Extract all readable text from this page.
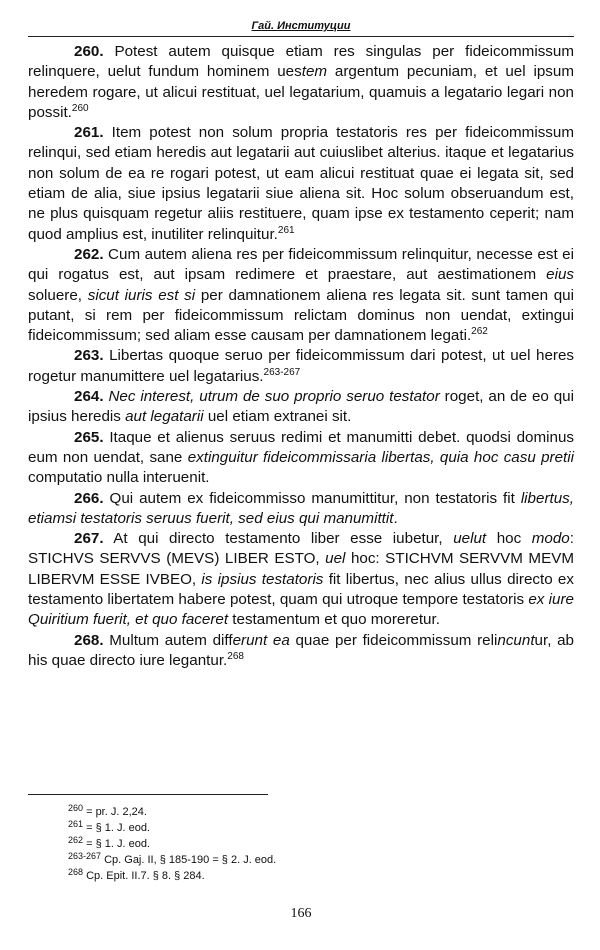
Гай. Институции

260. Potest autem quisque etiam res singulas per fideicommissum relinquere, uelut fundum hominem uestem argentum pecuniam, et uel ipsum heredem rogare, ut alicui restituat, uel legatarium, quamuis a legatario legari non possit.$^{260}$

261. Item potest non solum propria testatoris res per fideicommissum relinqui, sed etiam heredis aut legatarii aut cuiuslibet alterius. itaque et legatarius non solum de ea re rogari potest, ut eam alicui restituat quae ei legata sit, sed etiam de alia, siue ipsius legatarii siue aliena sit. Hoc solum obseruandum est, ne plus quisquam regetur aliis restituere, quam ipse ex testamento ceperit; nam quod amplius est, inutiliter relinquitur.$^{261}$

262. Cum autem aliena res per fideicommissum relinquitur, necesse est ei qui rogatus est, aut ipsam redimere et praestare, aut aestimationem eius soluere, sicut iuris est si per damnationem aliena res legata sit. sunt tamen qui putant, si rem per fideicommissum relictam dominus non uendat, extingui fideicommissum; sed aliam esse causam per damnationem legati.$^{262}$

263. Libertas quoque seruo per fideicommissum dari potest, ut uel heres rogetur manumittere uel legatarius.$^{263-267}$

264. Nec interest, utrum de suo proprio seruo testator roget, an de eo qui ipsius heredis aut legatarii uel etiam extranei sit.

265. Itaque et alienus seruus redimi et manumitti debet. quodsi dominus eum non uendat, sane extinguitur fideicommissaria libertas, quia hoc casu pretii computatio nulla interuenit.

266. Qui autem ex fideicommisso manumittitur, non testatoris fit libertus, etiamsi testatoris seruus fuerit, sed eius qui manumittit.

267. At qui directo testamento liber esse iubetur, uelut hoc modo: STICHVS SERVVS (MEVS) LIBER ESTO, uel hoc: STICHVM SERVVM MEVM LIBERVM ESSE IVBEO, is ipsius testatoris fit libertus, nec alius ullus directo ex testamento libertatem habere potest, quam qui utroque tempore testatoris ex iure Quiritium fuerit, et quo faceret testamentum et quo moreretur.

268. Multum autem differunt ea quae per fideicommissum relincuntur, ab his quae directo iure legantur.$^{268}$

$^{260}$ = pr. J. 2,24.
$^{261}$ = § 1. J. eod.
$^{262}$ = § 1. J. eod.
$^{263-267}$ Cp. Gaj. II, § 185-190 = § 2. J. eod.
$^{268}$ Cp. Epit. II.7. § 8. § 284.
166
